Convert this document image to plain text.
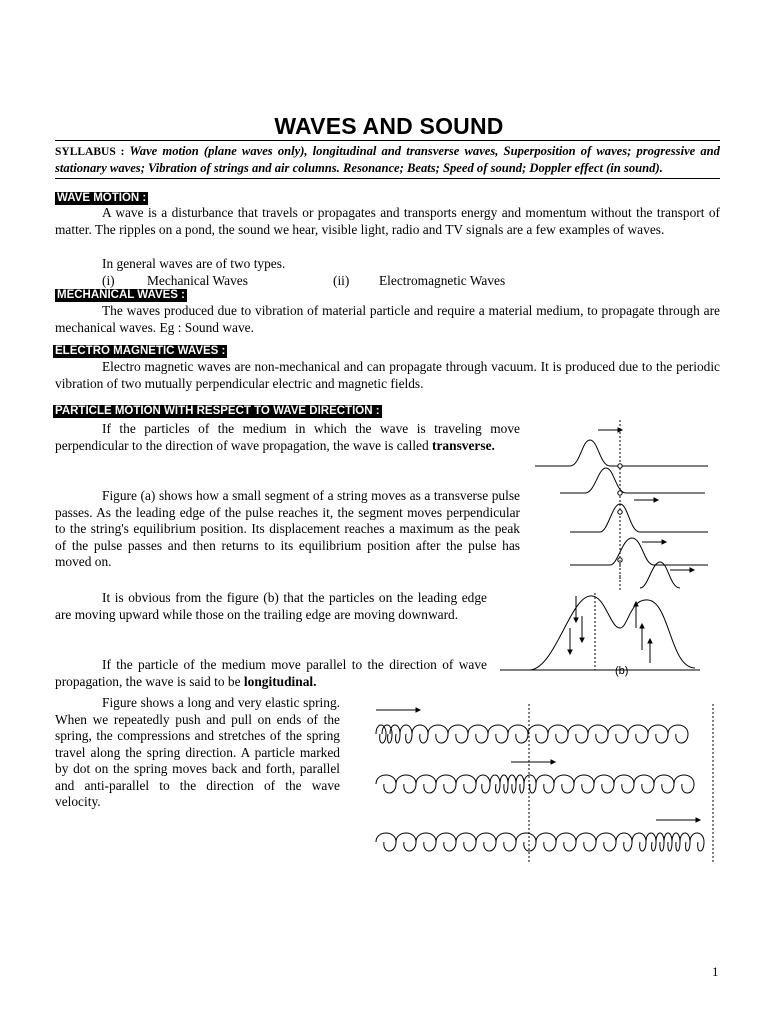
WAVES AND SOUND
SYLLABUS : Wave motion (plane waves only), longitudinal and transverse waves, Superposition of waves; progressive and stationary waves; Vibration of strings and air columns. Resonance; Beats; Speed of sound; Doppler effect (in sound).
WAVE MOTION :
A wave is a disturbance that travels or propagates and transports energy and momentum without the transport of matter. The ripples on a pond, the sound we hear, visible light, radio and TV signals are a few examples of waves.
In general waves are of two types.
(i) Mechanical Waves	(ii) Electromagnetic Waves
MECHANICAL WAVES :
The waves produced due to vibration of material particle and require a material medium, to propagate through are mechanical waves. Eg : Sound wave.
ELECTRO MAGNETIC WAVES :
Electro magnetic waves are non-mechanical and can propagate through vacuum. It is produced due to the periodic vibration of two mutually perpendicular electric and magnetic fields.
PARTICLE MOTION WITH RESPECT TO WAVE DIRECTION :
If the particles of the medium in which the wave is traveling move perpendicular to the direction of wave propagation, the wave is called transverse.
Figure (a) shows how a small segment of a string moves as a transverse pulse passes. As the leading edge of the pulse reaches it, the segment moves perpendicular to the string's equilibrium position. Its displacement reaches a maximum as the peak of the pulse passes and then returns to its equilibrium position after the pulse has moved on.
It is obvious from the figure (b) that the particles on the leading edge are moving upward while those on the trailing edge are moving downward.
If the particle of the medium move parallel to the direction of wave propagation, the wave is said to be longitudinal.
Figure shows a long and very elastic spring. When we repeatedly push and pull on ends of the spring, the compressions and stretches of the spring travel along the spring direction. A particle marked by dot on the spring moves back and forth, parallel and anti-parallel to the direction of the wave velocity.
(b)
1
